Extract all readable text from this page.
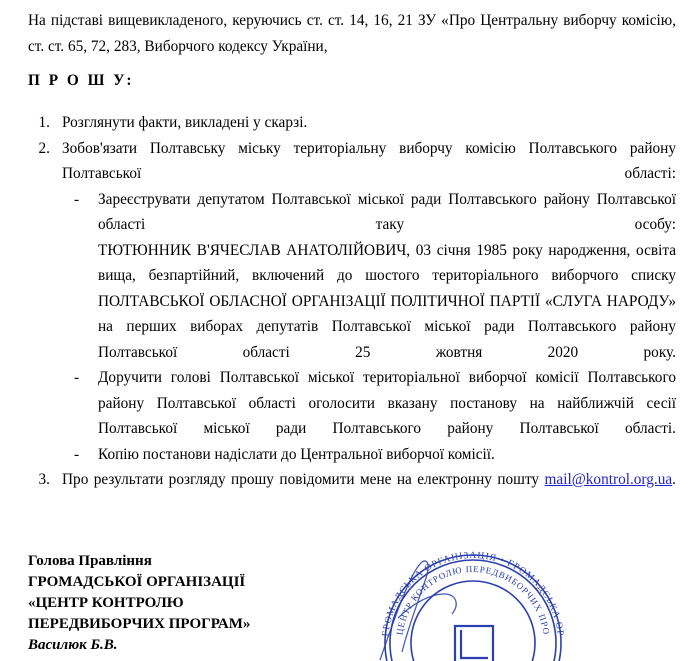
На підставі вищевикладеного, керуючись ст. ст. 14, 16, 21 ЗУ «Про Центральну виборчу комісію, ст. ст. 65, 72, 283, Виборчого кодексу України,
П Р О Ш У:
1. Розглянути факти, викладені у скарзі.
2. Зобов'язати Полтавську міську територіальну виборчу комісію Полтавського району Полтавської області:
-	Зареєструвати депутатом Полтавської міської ради Полтавського району Полтавської області таку особу:
ТЮТЮННИК В'ЯЧЕСЛАВ АНАТОЛІЙОВИЧ, 03 січня 1985 року народження, освіта вища, безпартійний, включений до шостого територіального виборчого списку ПОЛТАВСЬКОЇ ОБЛАСНОЇ ОРГАНІЗАЦІЇ ПОЛІТИЧНОЇ ПАРТІЇ «СЛУГА НАРОДУ» на перших виборах депутатів Полтавської міської ради Полтавського району Полтавської області 25 жовтня 2020 року.
-	Доручити голові Полтавської міської територіальної виборчої комісії Полтавського району Полтавської області оголосити вказану постанову на найближчій сесії Полтавської міської ради Полтавського району Полтавської області.
-	Копію постанови надіслати до Центральної виборчої комісії.
3. Про результати розгляду прошу повідомити мене на електронну пошту mail@kontrol.org.ua.
Голова Правління
ГРОМАДСЬКОЇ ОРГАНІЗАЦІЇ
«ЦЕНТР КОНТРОЛЮ
ПЕРЕДВИБОРЧИХ ПРОГРАМ»
Василюк Б.В.
ГРОМАДСЬКА ОРГАНІЗАЦІЯ • ГРОМАДСЬКА ОР
ЦЕНТР КОНТРОЛЮ ПЕРЕДВИБОРЧИХ ПРО
